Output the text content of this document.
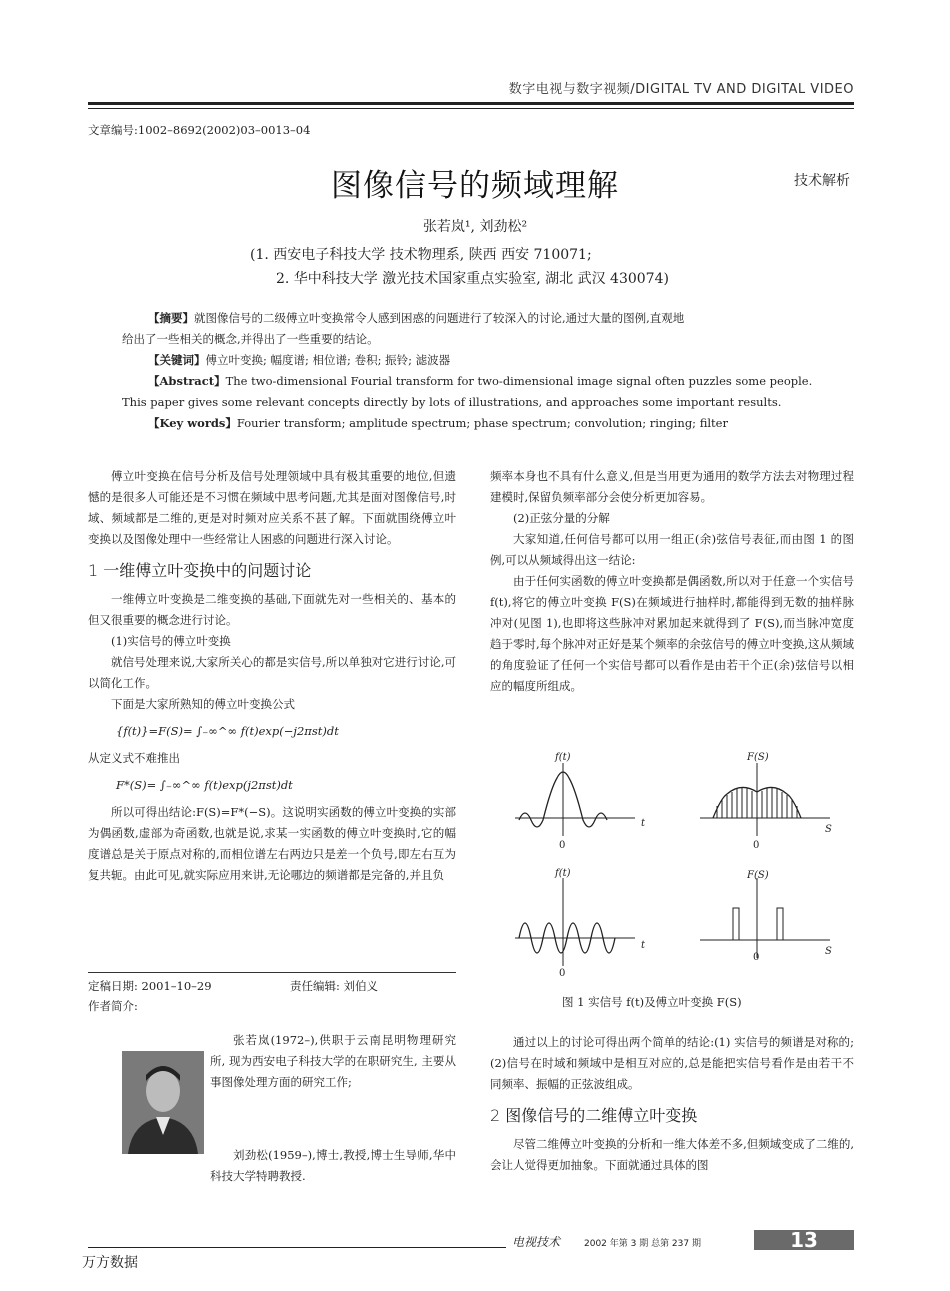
数字电视与数字视频/DIGITAL TV AND DIGITAL VIDEO
文章编号:1002–8692(2002)03–0013–04
图像信号的频域理解	技术解析
张若岚¹, 刘劲松²
(1. 西安电子科技大学 技术物理系, 陕西 西安 710071;
2. 华中科技大学 激光技术国家重点实验室, 湖北 武汉 430074)

【摘要】就图像信号的二级傅立叶变换常令人感到困惑的问题进行了较深入的讨论,通过大量的图例,直观地

给出了一些相关的概念,并得出了一些重要的结论。

【关键词】傅立叶变换; 幅度谱; 相位谱; 卷积; 振铃; 滤波器

【Abstract】The two-dimensional Fourial transform for two-dimensional image signal often puzzles some people.

This paper gives some relevant concepts directly by lots of illustrations, and approaches some important results.

【Key words】Fourier transform; amplitude spectrum; phase spectrum; convolution; ringing; filter

傅立叶变换在信号分析及信号处理领域中具有极其重要的地位,但遗憾的是很多人可能还是不习惯在频域中思考问题,尤其是面对图像信号,时域、频域都是二维的,更是对时频对应关系不甚了解。下面就围绕傅立叶变换以及图像处理中一些经常让人困惑的问题进行深入讨论。

1 一维傅立叶变换中的问题讨论

一维傅立叶变换是二维变换的基础,下面就先对一些相关的、基本的但又很重要的概念进行讨论。

(1)实信号的傅立叶变换

就信号处理来说,大家所关心的都是实信号,所以单独对它进行讨论,可以简化工作。

下面是大家所熟知的傅立叶变换公式

{f(t)}=F(S)= ∫₋∞^∞ f(t)exp(−j2πst)dt

从定义式不难推出

F*(S)= ∫₋∞^∞ f(t)exp(j2πst)dt

所以可得出结论:F(S)=F*(−S)。这说明实函数的傅立叶变换的实部为偶函数,虚部为奇函数,也就是说,求某一实函数的傅立叶变换时,它的幅度谱总是关于原点对称的,而相位谱左右两边只是差一个负号,即左右互为复共轭。由此可见,就实际应用来讲,无论哪边的频谱都是完备的,并且负

定稿日期: 2001–10–29	责任编辑: 刘伯义
作者简介:

张若岚(1972–),供职于云南昆明物理研究所, 现为西安电子科技大学的在职研究生, 主要从事图像处理方面的研究工作;

刘劲松(1959–),博士,教授,博士生导师,华中科技大学特聘教授.

频率本身也不具有什么意义,但是当用更为通用的数学方法去对物理过程建模时,保留负频率部分会使分析更加容易。

(2)正弦分量的分解

大家知道,任何信号都可以用一组正(余)弦信号表征,而由图 1 的图例,可以从频域得出这一结论:

由于任何实函数的傅立叶变换都是偶函数,所以对于任意一个实信号 f(t),将它的傅立叶变换 F(S)在频域进行抽样时,都能得到无数的抽样脉冲对(见图 1),也即将这些脉冲对累加起来就得到了 F(S),而当脉冲宽度趋于零时,每个脉冲对正好是某个频率的余弦信号的傅立叶变换,这从频域的角度验证了任何一个实信号都可以看作是由若干个正(余)弦信号以相应的幅度所组成。

f(t)	F(S)
t
S
0	0
f(t)	F(S)
t
S
0
0
图 1 实信号 f(t)及傅立叶变换 F(S)

通过以上的讨论可得出两个简单的结论:(1) 实信号的频谱是对称的;(2)信号在时域和频域中是相互对应的,总是能把实信号看作是由若干不同频率、振幅的正弦波组成。

2 图像信号的二维傅立叶变换

尽管二维傅立叶变换的分析和一维大体差不多,但频域变成了二维的,会让人觉得更加抽象。下面就通过具体的图

电视技术	2002 年第 3 期 总第 237 期	13
万方数据
